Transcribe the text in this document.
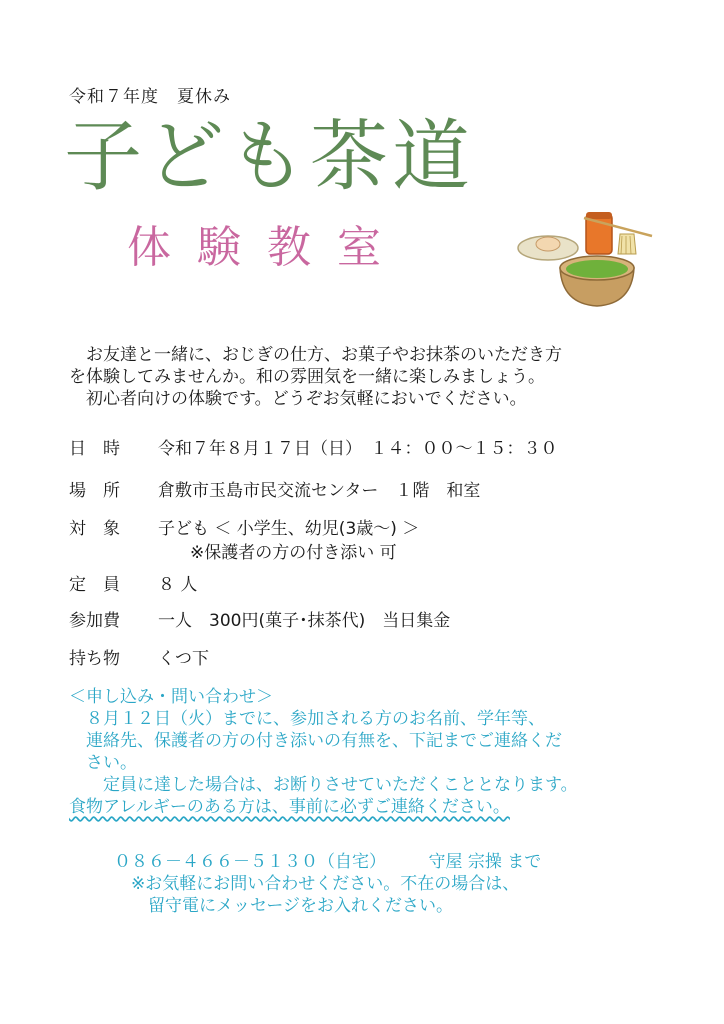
令和７年度　夏休み
子ども茶道
体験教室

　お友達と一緒に、おじぎの仕方、お菓子やお抹茶のいただき方

を体験してみませんか。和の雰囲気を一緒に楽しみましょう。

　初心者向けの体験です。どうぞお気軽においでください。

日　時	令和７年８月１７日（日）　１４：００～１５：３０
場　所	倉敷市玉島市民交流センター　１階　和室
対　象	子ども ＜ 小学生、幼児(3歳～) ＞
※保護者の方の付き添い 可
定　員	８ 人
参加費	一人　300円(菓子･抹茶代)　当日集金
持ち物	くつ下

＜申し込み・問い合わせ＞

　８月１２日（火）までに、参加される方のお名前、学年等、

　連絡先、保護者の方の付き添いの有無を、下記までご連絡くだ

　さい。

　　定員に達した場合は、お断りさせていただくこととなります。

食物アレルギーのある方は、事前に必ずご連絡ください。

０８６－４６６－５１３０（自宅）　　　守屋 宗操 まで

　※お気軽にお問い合わせください。不在の場合は、

　　留守電にメッセージをお入れください。
